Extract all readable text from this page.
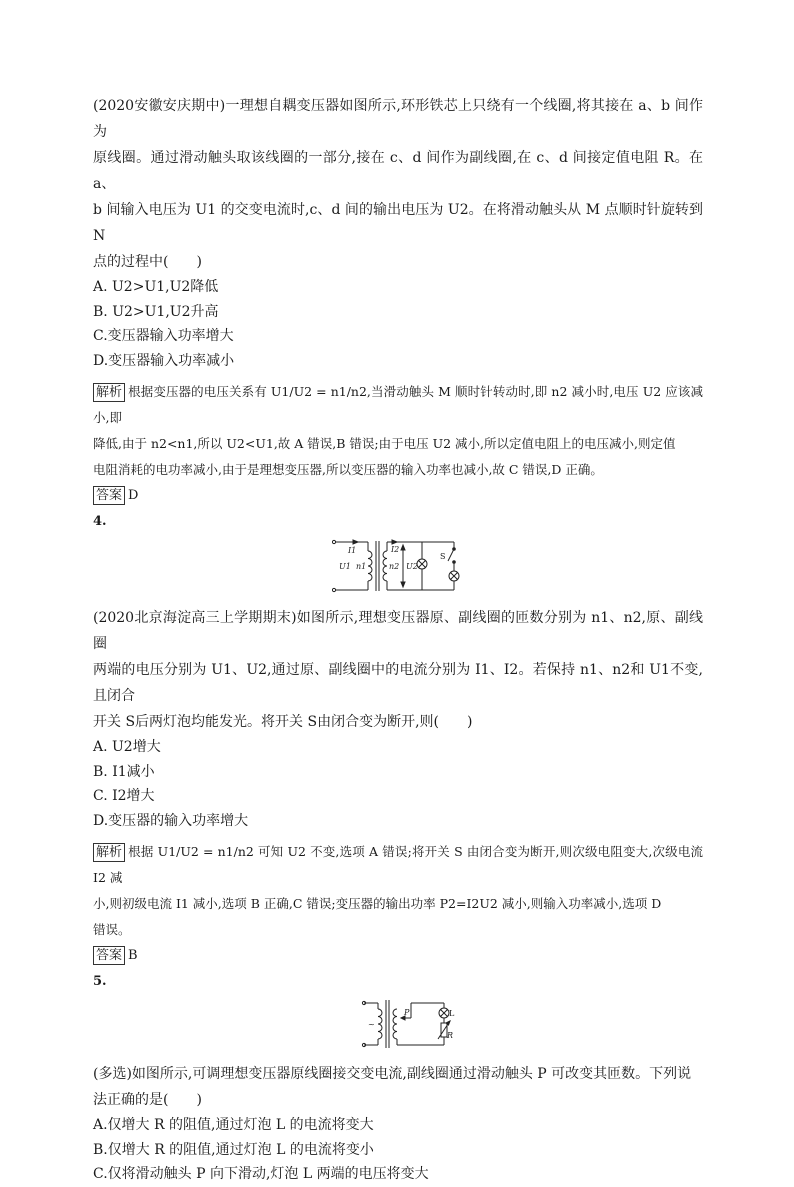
(2020安徽安庆期中)一理想自耦变压器如图所示,环形铁芯上只绕有一个线圈,将其接在 a、b 间作为

原线圈。通过滑动触头取该线圈的一部分,接在 c、d 间作为副线圈,在 c、d 间接定值电阻 R。在 a、

b 间输入电压为 U1 的交变电流时,c、d 间的输出电压为 U2。在将滑动触头从 M 点顺时针旋转到 N

点的过程中(　　)

A. U2>U1,U2降低

B. U2>U1,U2升高

C.变压器输入功率增大

D.变压器输入功率减小

解析 根据变压器的电压关系有 U1/U2 = n1/n2,当滑动触头 M 顺时针转动时,即 n2 减小时,电压 U2 应该减小,即
降低,由于 n2<n1,所以 U2<U1,故 A 错误,B 错误;由于电压 U2 减小,所以定值电阻上的电压减小,则定值
电阻消耗的电功率减小,由于是理想变压器,所以变压器的输入功率也减小,故 C 错误,D 正确。
答案 D
4.
I1	I2
U1 n1	n2 U2
S

(2020北京海淀高三上学期期末)如图所示,理想变压器原、副线圈的匝数分别为 n1、n2,原、副线圈

两端的电压分别为 U1、U2,通过原、副线圈中的电流分别为 I1、I2。若保持 n1、n2和 U1不变,且闭合

开关 S后两灯泡均能发光。将开关 S由闭合变为断开,则(　　)

A. U2增大

B. I1减小

C. I2增大

D.变压器的输入功率增大

解析 根据 U1/U2 = n1/n2 可知 U2 不变,选项 A 错误;将开关 S 由闭合变为断开,则次级电阻变大,次级电流 I2 减
小,则初级电流 I1 减小,选项 B 正确,C 错误;变压器的输出功率 P2=I2U2 减小,则输入功率减小,选项 D
错误。
答案 B
5.
~
P	L
R

(多选)如图所示,可调理想变压器原线圈接交变电流,副线圈通过滑动触头 P 可改变其匝数。下列说

法正确的是(　　)

A.仅增大 R 的阻值,通过灯泡 L 的电流将变大

B.仅增大 R 的阻值,通过灯泡 L 的电流将变小

C.仅将滑动触头 P 向下滑动,灯泡 L 两端的电压将变大
